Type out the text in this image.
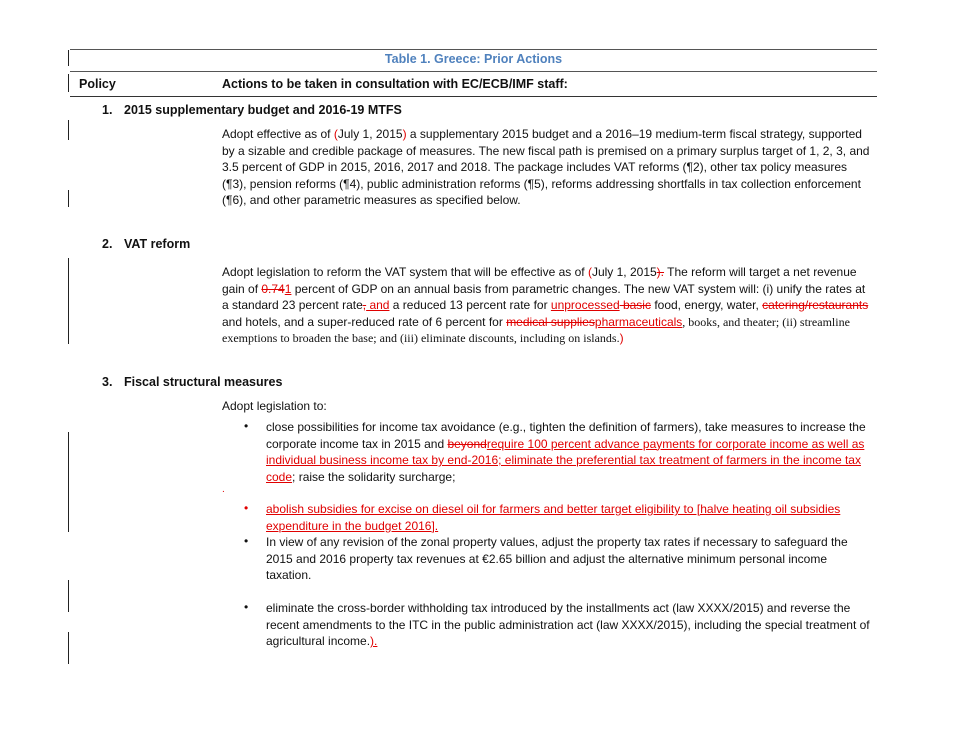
Table 1. Greece: Prior Actions
Policy	Actions to be taken in consultation with EC/ECB/IMF staff:
1. 2015 supplementary budget and 2016-19 MTFS
Adopt effective as of (July 1, 2015) a supplementary 2015 budget and a 2016–19 medium-term fiscal strategy, supported by a sizable and credible package of measures. The new fiscal path is premised on a primary surplus target of 1, 2, 3, and 3.5 percent of GDP in 2015, 2016, 2017 and 2018. The package includes VAT reforms (¶2), other tax policy measures (¶3), pension reforms (¶4), public administration reforms (¶5), reforms addressing shortfalls in tax collection enforcement (¶6), and other parametric measures as specified below.
2. VAT reform
Adopt legislation to reform the VAT system that will be effective as of (July 1, 2015). The reform will target a net revenue gain of 0.741 percent of GDP on an annual basis from parametric changes. The new VAT system will: (i) unify the rates at a standard 23 percent rate, and a reduced 13 percent rate for unprocessed basic food, energy, water, catering/restaurants and hotels, and a super-reduced rate of 6 percent for medical suppliespharmaceuticals, books, and theater; (ii) streamline exemptions to broaden the base; and (iii) eliminate discounts, including on islands.)
3. Fiscal structural measures
Adopt legislation to:
• close possibilities for income tax avoidance (e.g., tighten the definition of farmers), take measures to increase the corporate income tax in 2015 and beyondrequire 100 percent advance payments for corporate income as well as individual business income tax by end-2016; eliminate the preferential tax treatment of farmers in the income tax code; raise the solidarity surcharge;
.
• abolish subsidies for excise on diesel oil for farmers and better target eligibility to [halve heating oil subsidies expenditure in the budget 2016].
• In view of any revision of the zonal property values, adjust the property tax rates if necessary to safeguard the 2015 and 2016 property tax revenues at €2.65 billion and adjust the alternative minimum personal income taxation.
• eliminate the cross-border withholding tax introduced by the installments act (law XXXX/2015) and reverse the recent amendments to the ITC in the public administration act (law XXXX/2015), including the special treatment of agricultural income.).
